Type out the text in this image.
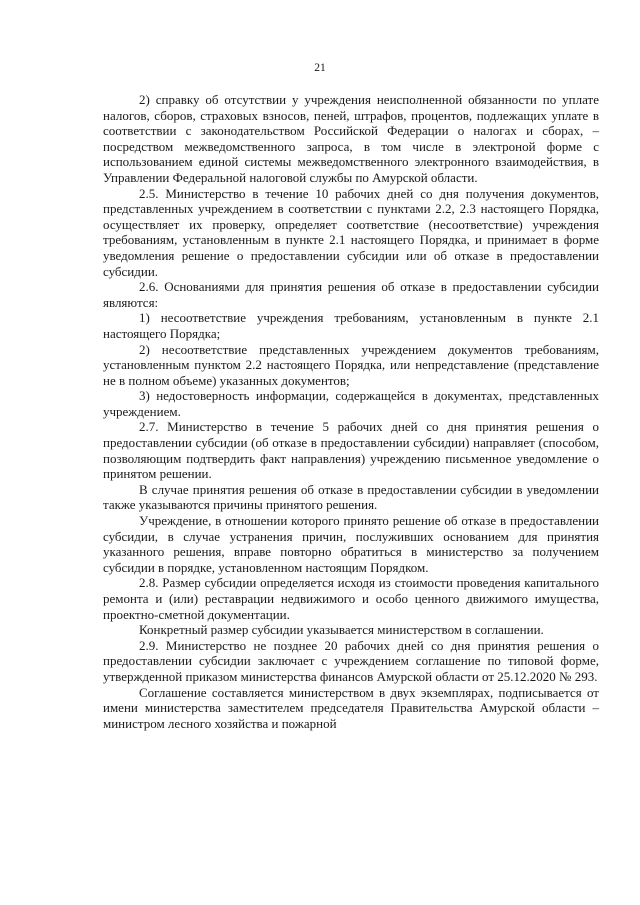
21

2) справку об отсутствии у учреждения неисполненной обязанности по уплате налогов, сборов, страховых взносов, пеней, штрафов, процентов, подлежащих уплате в соответствии с законодательством Российской Федерации о налогах и сборах, – посредством межведомственного запроса, в том числе в электроной форме с использованием единой системы межведомственного электронного взаимодействия, в Управлении Федеральной налоговой службы по Амурской области.

2.5. Министерство в течение 10 рабочих дней со дня получения документов, представленных учреждением в соответствии с пунктами 2.2, 2.3 настоящего Порядка, осуществляет их проверку, определяет соответствие (несоответствие) учреждения требованиям, установленным в пункте 2.1 настоящего Порядка, и принимает в форме уведомления решение о предоставлении субсидии или об отказе в предоставлении субсидии.

2.6. Основаниями для принятия решения об отказе в предоставлении субсидии являются:

1) несоответствие учреждения требованиям, установленным в пункте 2.1 настоящего Порядка;

2) несоответствие представленных учреждением документов требованиям, установленным пунктом 2.2 настоящего Порядка, или непредставление (представление не в полном объеме) указанных документов;

3) недостоверность информации, содержащейся в документах, представленных учреждением.

2.7. Министерство в течение 5 рабочих дней со дня принятия решения о предоставлении субсидии (об отказе в предоставлении субсидии) направляет (способом, позволяющим подтвердить факт направления) учреждению письменное уведомление о принятом решении.

В случае принятия решения об отказе в предоставлении субсидии в уведомлении также указываются причины принятого решения.

Учреждение, в отношении которого принято решение об отказе в предоставлении субсидии, в случае устранения причин, послуживших основанием для принятия указанного решения, вправе повторно обратиться в министерство за получением субсидии в порядке, установленном настоящим Порядком.

2.8. Размер субсидии определяется исходя из стоимости проведения капитального ремонта и (или) реставрации недвижимого и особо ценного движимого имущества, проектно-сметной документации.

Конкретный размер субсидии указывается министерством в соглашении.

2.9. Министерство не позднее 20 рабочих дней со дня принятия решения о предоставлении субсидии заключает с учреждением соглашение по типовой форме, утвержденной приказом министерства финансов Амурской области от 25.12.2020 № 293.

Соглашение составляется министерством в двух экземплярах, подписывается от имени министерства заместителем председателя Правительства Амурской области – министром лесного хозяйства и пожарной
